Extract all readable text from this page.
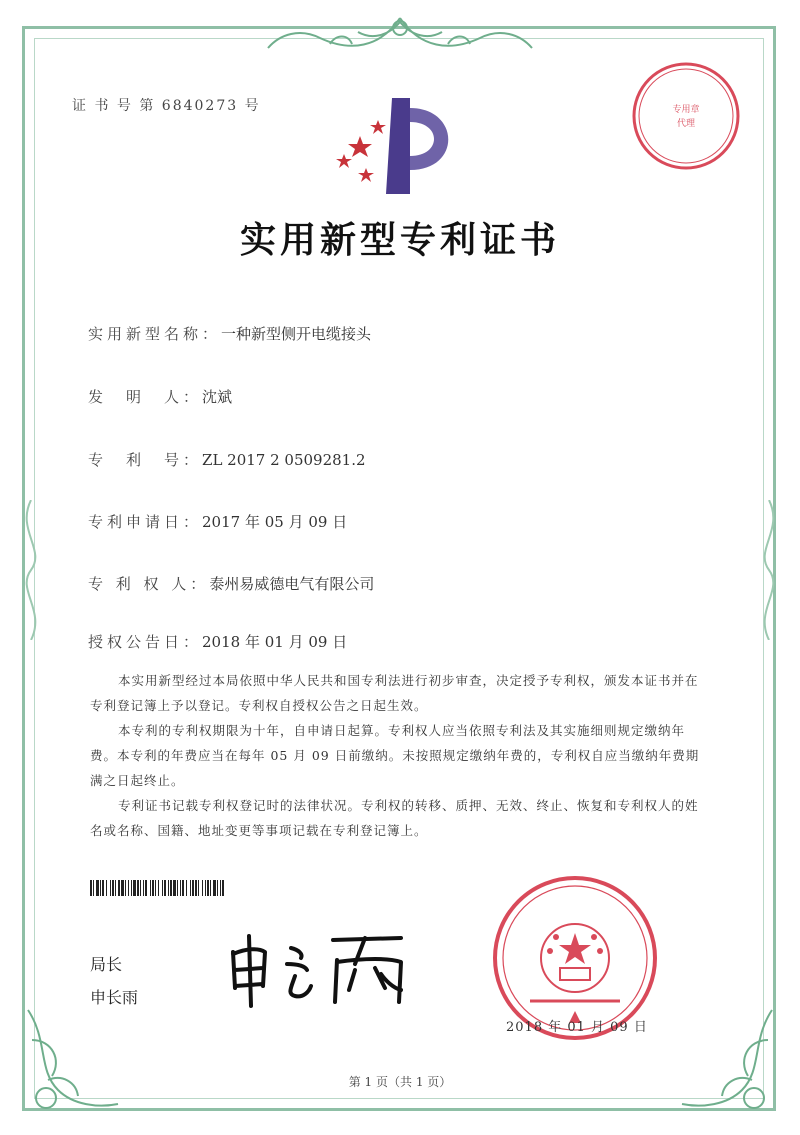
证 书 号 第 6840273 号	专用章
代理
实用新型专利证书
实用新型名称：一种新型侧开电缆接头
发　明　人：沈斌
专　利　号：ZL 2017 2 0509281.2
专利申请日：2017 年 05 月 09 日
专 利 权 人：泰州易威德电气有限公司
授权公告日：2018 年 01 月 09 日

本实用新型经过本局依照中华人民共和国专利法进行初步审查，决定授予专利权，颁发本证书并在专利登记簿上予以登记。专利权自授权公告之日起生效。

本专利的专利权期限为十年，自申请日起算。专利权人应当依照专利法及其实施细则规定缴纳年费。本专利的年费应当在每年 05 月 09 日前缴纳。未按照规定缴纳年费的，专利权自应当缴纳年费期满之日起终止。

专利证书记载专利权登记时的法律状况。专利权的转移、质押、无效、终止、恢复和专利权人的姓名或名称、国籍、地址变更等事项记载在专利登记簿上。

局长
申长雨
2018 年 01 月 09 日
第 1 页（共 1 页）
